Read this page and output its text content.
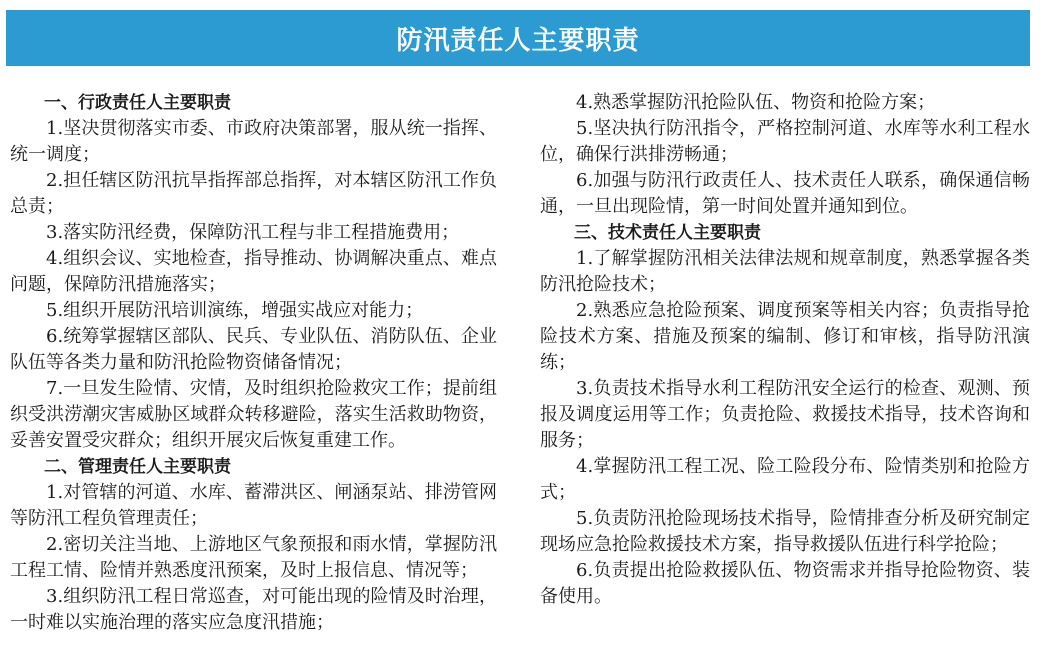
防汛责任人主要职责

一、行政责任人主要职责

1.坚决贯彻落实市委、市政府决策部署，服从统一指挥、统一调度；

2.担任辖区防汛抗旱指挥部总指挥，对本辖区防汛工作负总责；

3.落实防汛经费，保障防汛工程与非工程措施费用；

4.组织会议、实地检查，指导推动、协调解决重点、难点问题，保障防汛措施落实；

5.组织开展防汛培训演练，增强实战应对能力；

6.统筹掌握辖区部队、民兵、专业队伍、消防队伍、企业队伍等各类力量和防汛抢险物资储备情况；

7.一旦发生险情、灾情，及时组织抢险救灾工作；提前组织受洪涝潮灾害威胁区域群众转移避险，落实生活救助物资，妥善安置受灾群众；组织开展灾后恢复重建工作。

二、管理责任人主要职责

1.对管辖的河道、水库、蓄滞洪区、闸涵泵站、排涝管网等防汛工程负管理责任；

2.密切关注当地、上游地区气象预报和雨水情，掌握防汛工程工情、险情并熟悉度汛预案，及时上报信息、情况等；

3.组织防汛工程日常巡查，对可能出现的险情及时治理，一时难以实施治理的落实应急度汛措施；

4.熟悉掌握防汛抢险队伍、物资和抢险方案；

5.坚决执行防汛指令，严格控制河道、水库等水利工程水位，确保行洪排涝畅通；

6.加强与防汛行政责任人、技术责任人联系，确保通信畅通，一旦出现险情，第一时间处置并通知到位。

三、技术责任人主要职责

1.了解掌握防汛相关法律法规和规章制度，熟悉掌握各类防汛抢险技术；

2.熟悉应急抢险预案、调度预案等相关内容；负责指导抢险技术方案、措施及预案的编制、修订和审核，指导防汛演练；

3.负责技术指导水利工程防汛安全运行的检查、观测、预报及调度运用等工作；负责抢险、救援技术指导，技术咨询和服务；

4.掌握防汛工程工况、险工险段分布、险情类别和抢险方式；

5.负责防汛抢险现场技术指导，险情排查分析及研究制定现场应急抢险救援技术方案，指导救援队伍进行科学抢险；

6.负责提出抢险救援队伍、物资需求并指导抢险物资、装备使用。
